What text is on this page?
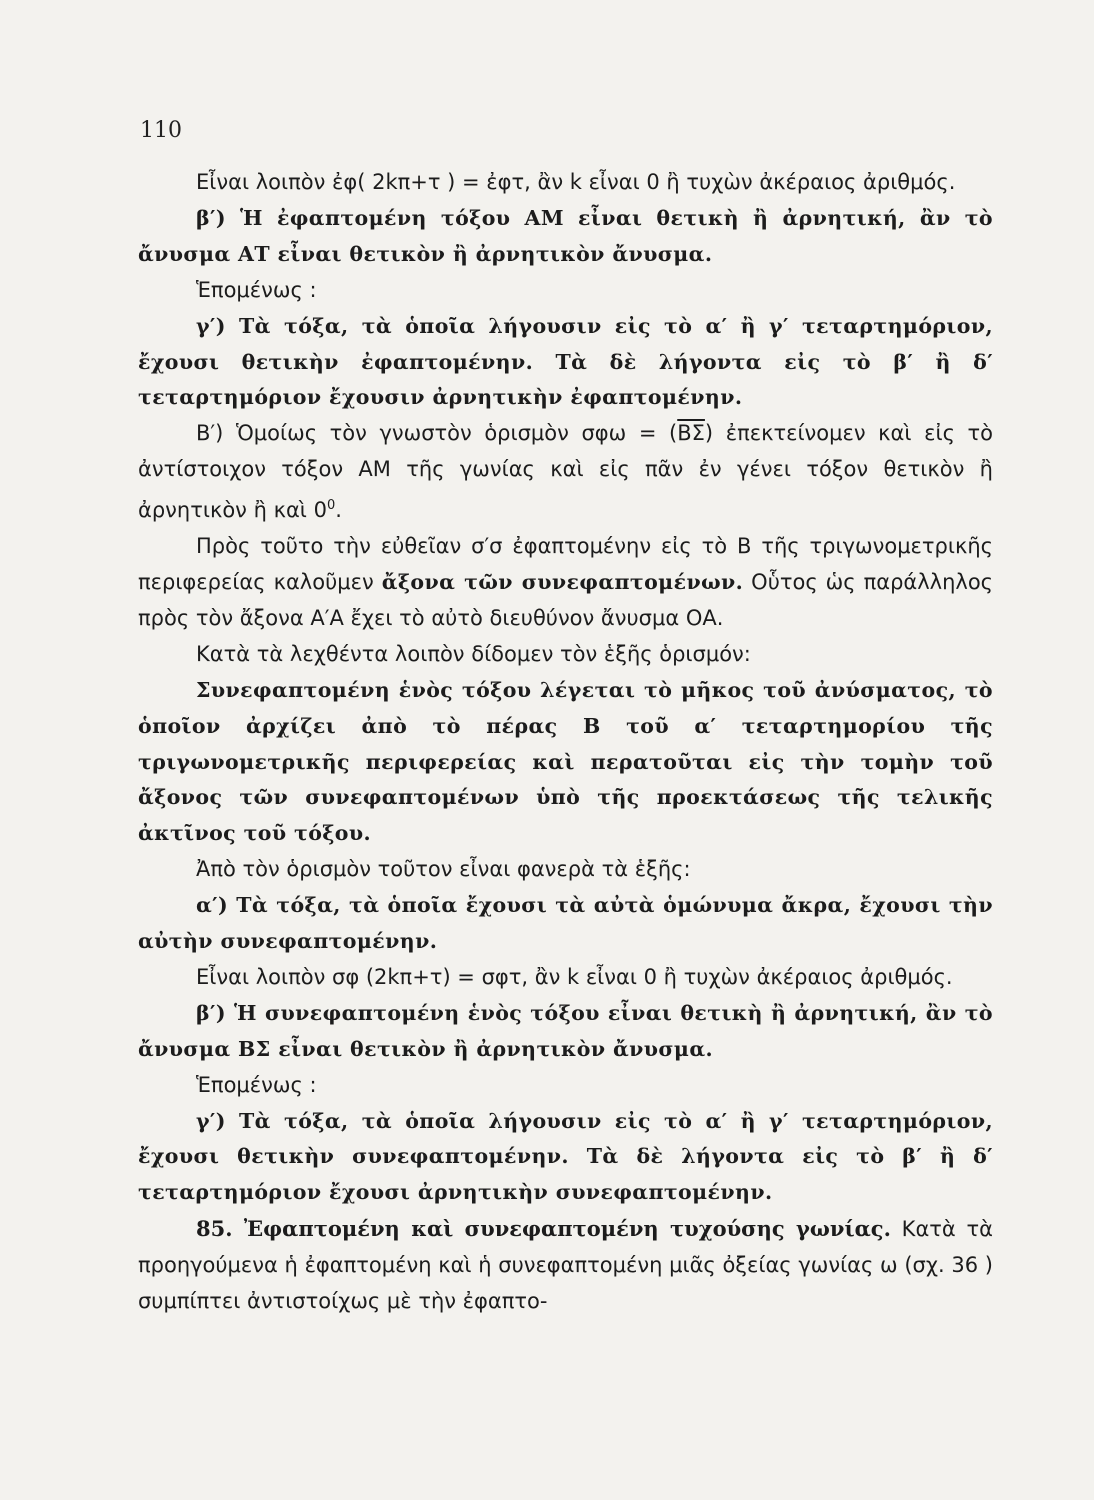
110

Εἶναι λοιπὸν ἐφ( 2kπ+τ ) = ἐφτ, ἂν k εἶναι 0 ἢ τυχὼν ἀκέραιος ἀριθμός.

β′) Ἡ ἐφαπτομένη τόξου ΑΜ εἶναι θετικὴ ἢ ἀρνητική, ἂν τὸ ἄνυσμα ΑΤ εἶναι θετικὸν ἢ ἀρνητικὸν ἄνυσμα.

Ἑπομένως :

γ′) Τὰ τόξα, τὰ ὁποῖα λήγουσιν εἰς τὸ α′ ἢ γ′ τεταρτημόριον, ἔχουσι θετικὴν ἐφαπτομένην. Τὰ δὲ λήγοντα εἰς τὸ β′ ἢ δ′ τεταρτημόριον ἔχουσιν ἀρνητικὴν ἐφαπτομένην.

Β′) Ὁμοίως τὸν γνωστὸν ὁρισμὸν $\sigma\varphi\omega = (\overline{B\Sigma})$ ἐπεκτείνομεν καὶ εἰς τὸ ἀντίστοιχον τόξον ΑΜ τῆς γωνίας καὶ εἰς πᾶν ἐν γένει τόξον θετικὸν ἢ ἀρνητικὸν ἢ καὶ $0^0$.

Πρὸς τοῦτο τὴν εὐθεῖαν σ′σ ἐφαπτομένην εἰς τὸ Β τῆς τριγωνομετρικῆς περιφερείας καλοῦμεν ἄξονα τῶν συνεφαπτομένων. Οὗτος ὡς παράλληλος πρὸς τὸν ἄξονα Α′Α ἔχει τὸ αὐτὸ διευθύνον ἄνυσμα ΟΑ.

Κατὰ τὰ λεχθέντα λοιπὸν δίδομεν τὸν ἑξῆς ὁρισμόν:

Συνεφαπτομένη ἑνὸς τόξου λέγεται τὸ μῆκος τοῦ ἀνύσματος, τὸ ὁποῖον ἀρχίζει ἀπὸ τὸ πέρας Β τοῦ α′ τεταρτημορίου τῆς τριγωνομετρικῆς περιφερείας καὶ περατοῦται εἰς τὴν τομὴν τοῦ ἄξονος τῶν συνεφαπτομένων ὑπὸ τῆς προεκτάσεως τῆς τελικῆς ἀκτῖνος τοῦ τόξου.

Ἀπὸ τὸν ὁρισμὸν τοῦτον εἶναι φανερὰ τὰ ἑξῆς:

α′) Τὰ τόξα, τὰ ὁποῖα ἔχουσι τὰ αὐτὰ ὁμώνυμα ἄκρα, ἔχουσι τὴν αὐτὴν συνεφαπτομένην.

Εἶναι λοιπὸν σφ (2kπ+τ) = σφτ, ἂν k εἶναι 0 ἢ τυχὼν ἀκέραιος ἀριθμός.

β′) Ἡ συνεφαπτομένη ἑνὸς τόξου εἶναι θετικὴ ἢ ἀρνητική, ἂν τὸ ἄνυσμα ΒΣ εἶναι θετικὸν ἢ ἀρνητικὸν ἄνυσμα.

Ἑπομένως :

γ′) Τὰ τόξα, τὰ ὁποῖα λήγουσιν εἰς τὸ α′ ἢ γ′ τεταρτημόριον, ἔχουσι θετικὴν συνεφαπτομένην. Τὰ δὲ λήγοντα εἰς τὸ β′ ἢ δ′ τεταρτημόριον ἔχουσι ἀρνητικὴν συνεφαπτομένην.

85. Ἐφαπτομένη καὶ συνεφαπτομένη τυχούσης γωνίας. Κατὰ τὰ προηγούμενα ἡ ἐφαπτομένη καὶ ἡ συνεφαπτομένη μιᾶς ὀξείας γωνίας ω (σχ. 36 ) συμπίπτει ἀντιστοίχως μὲ τὴν ἐφαπτο-
